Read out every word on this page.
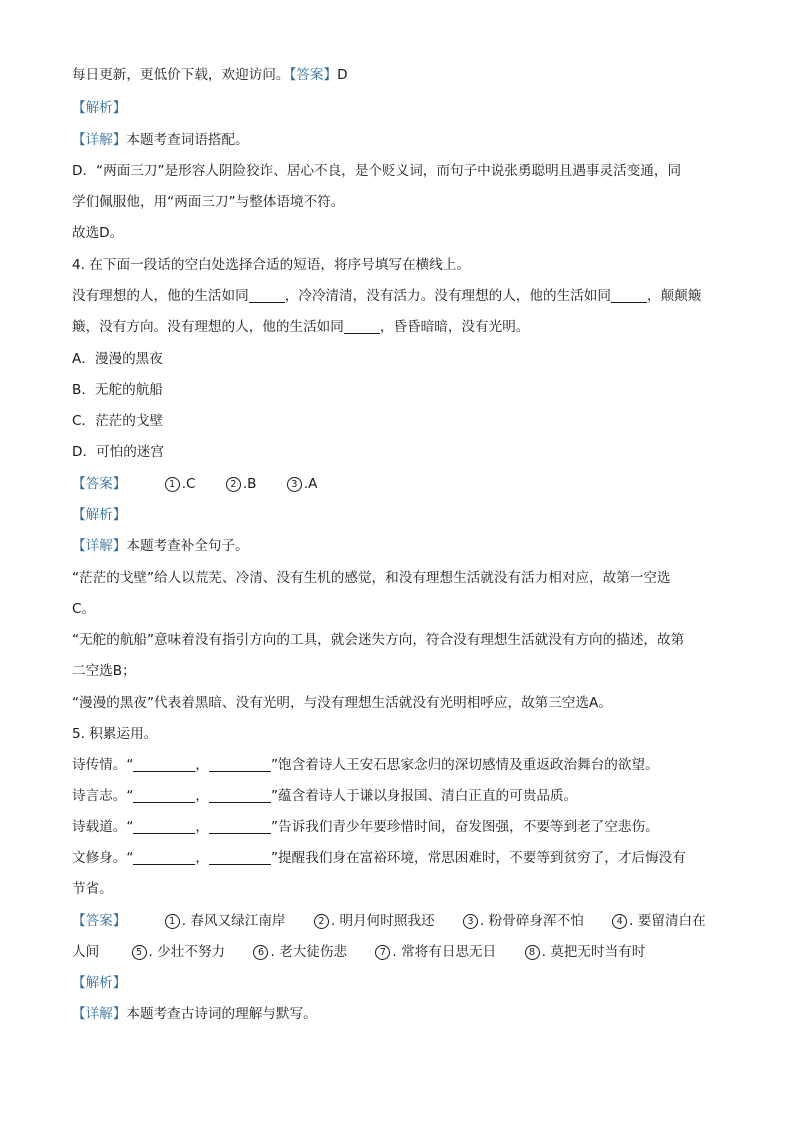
每日更新，更低价下载，欢迎访问。【答案】D
【解析】
【详解】本题考查词语搭配。
D．“两面三刀”是形容人阴险狡诈、居心不良，是个贬义词，而句子中说张勇聪明且遇事灵活变通，同
学们佩服他，用“两面三刀”与整体语境不符。
故选D。
4. 在下面一段话的空白处选择合适的短语，将序号填写在横线上。
没有理想的人，他的生活如同	，冷冷清清，没有活力。没有理想的人，他的生活如同	，颠颠簸
簸，没有方向。没有理想的人，他的生活如同	，昏昏暗暗，没有光明。
A．漫漫的黑夜
B．无舵的航船
C．茫茫的戈壁
D．可怕的迷宫
【答案】	1 .C	2 .B	3 .A
【解析】
【详解】本题考查补全句子。
“茫茫的戈壁”给人以荒芜、冷清、没有生机的感觉，和没有理想生活就没有活力相对应，故第一空选
C。
“无舵的航船”意味着没有指引方向的工具，就会迷失方向，符合没有理想生活就没有方向的描述，故第
二空选B；
“漫漫的黑夜”代表着黑暗、没有光明，与没有理想生活就没有光明相呼应，故第三空选A。
5. 积累运用。
诗传情。“	，	”饱含着诗人王安石思家念归的深切感情及重返政治舞台的欲望。
诗言志。“	，	”蕴含着诗人于谦以身报国、清白正直的可贵品质。
诗载道。“	，	”告诉我们青少年要珍惜时间，奋发图强，不要等到老了空悲伤。
文修身。“	，	”提醒我们身在富裕环境，常思困难时，不要等到贫穷了，才后悔没有
节省。
【答案】	1 . 春风又绿江南岸	2 . 明月何时照我还	3 . 粉骨碎身浑不怕	4 . 要留清白在
人间	5 . 少壮不努力	6 . 老大徒伤悲	7 . 常将有日思无日	8 . 莫把无时当有时
【解析】
【详解】本题考查古诗词的理解与默写。
